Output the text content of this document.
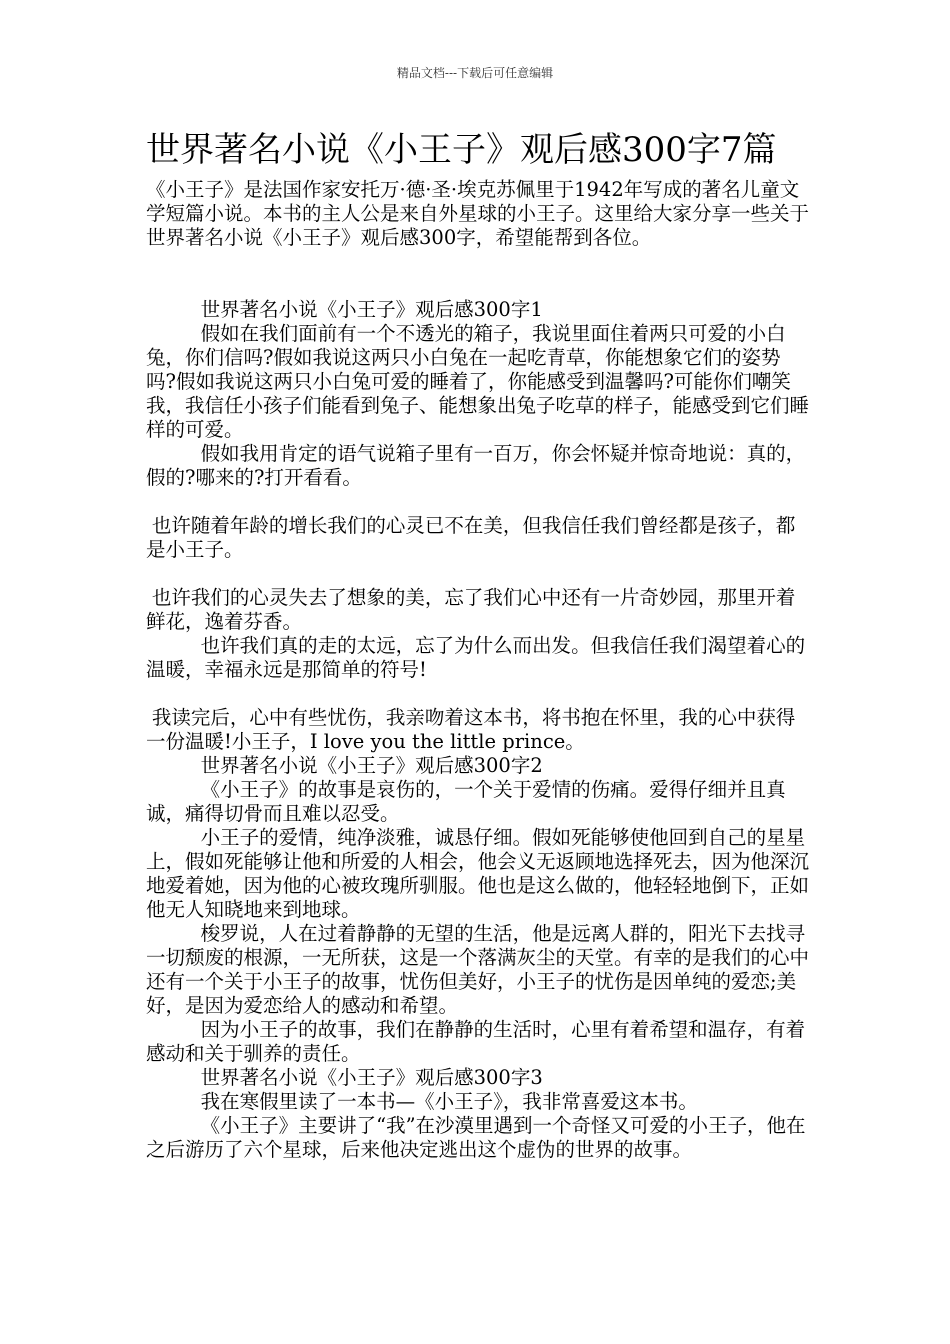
精品文档---下载后可任意编辑
世界著名小说《小王子》观后感300字7篇

《小王子》是法国作家安托万·德·圣·埃克苏佩里于1942年写成的著名儿童文学短篇小说。本书的主人公是来自外星球的小王子。这里给大家分享一些关于世界著名小说《小王子》观后感300字，希望能帮到各位。

世界著名小说《小王子》观后感300字1

假如在我们面前有一个不透光的箱子，我说里面住着两只可爱的小白兔，你们信吗?假如我说这两只小白兔在一起吃青草，你能想象它们的姿势吗?假如我说这两只小白兔可爱的睡着了，你能感受到温馨吗?可能你们嘲笑我，我信任小孩子们能看到兔子、能想象出兔子吃草的样子，能感受到它们睡样的可爱。

假如我用肯定的语气说箱子里有一百万，你会怀疑并惊奇地说：真的，假的?哪来的?打开看看。

也许随着年龄的增长我们的心灵已不在美，但我信任我们曾经都是孩子，都是小王子。

也许我们的心灵失去了想象的美，忘了我们心中还有一片奇妙园，那里开着鲜花，逸着芬香。

也许我们真的走的太远，忘了为什么而出发。但我信任我们渴望着心的温暖，幸福永远是那简单的符号!

我读完后，心中有些忧伤，我亲吻着这本书，将书抱在怀里，我的心中获得一份温暖!小王子，I love you the little prince。

世界著名小说《小王子》观后感300字2

《小王子》的故事是哀伤的，一个关于爱情的伤痛。爱得仔细并且真诚，痛得切骨而且难以忍受。

小王子的爱情，纯净淡雅，诚恳仔细。假如死能够使他回到自己的星星上，假如死能够让他和所爱的人相会，他会义无返顾地选择死去，因为他深沉地爱着她，因为他的心被玫瑰所驯服。他也是这么做的，他轻轻地倒下，正如他无人知晓地来到地球。

梭罗说，人在过着静静的无望的生活，他是远离人群的，阳光下去找寻一切颓废的根源，一无所获，这是一个落满灰尘的天堂。有幸的是我们的心中还有一个关于小王子的故事，忧伤但美好，小王子的忧伤是因单纯的爱恋;美好，是因为爱恋给人的感动和希望。

因为小王子的故事，我们在静静的生活时，心里有着希望和温存，有着感动和关于驯养的责任。

世界著名小说《小王子》观后感300字3

我在寒假里读了一本书—《小王子》，我非常喜爱这本书。

《小王子》主要讲了“我”在沙漠里遇到一个奇怪又可爱的小王子，他在之后游历了六个星球，后来他决定逃出这个虚伪的世界的故事。
